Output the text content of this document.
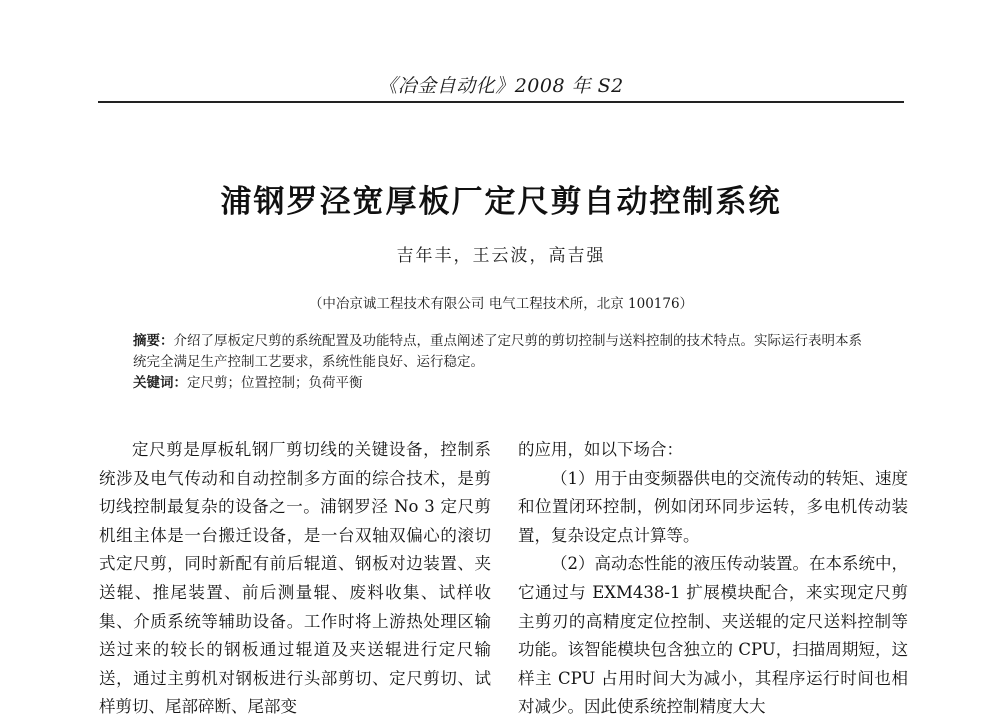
《冶金自动化》2008 年 S2
浦钢罗泾宽厚板厂定尺剪自动控制系统
吉年丰，王云波，高吉强
（中冶京诚工程技术有限公司 电气工程技术所，北京 100176）

摘要：介绍了厚板定尺剪的系统配置及功能特点，重点阐述了定尺剪的剪切控制与送料控制的技术特点。实际运行表明本系统完全满足生产控制工艺要求，系统性能良好、运行稳定。

关键词：定尺剪；位置控制；负荷平衡

定尺剪是厚板轧钢厂剪切线的关键设备，控制系统涉及电气传动和自动控制多方面的综合技术，是剪切线控制最复杂的设备之一。浦钢罗泾 No 3 定尺剪机组主体是一台搬迁设备，是一台双轴双偏心的滚切式定尺剪，同时新配有前后辊道、钢板对边装置、夹送辊、推尾装置、前后测量辊、废料收集、试样收集、介质系统等辅助设备。工作时将上游热处理区输送过来的较长的钢板通过辊道及夹送辊进行定尺输送，通过主剪机对钢板进行头部剪切、定尺剪切、试样剪切、尾部碎断、尾部变

的应用，如以下场合：

（1）用于由变频器供电的交流传动的转矩、速度和位置闭环控制，例如闭环同步运转，多电机传动装置，复杂设定点计算等。

（2）高动态性能的液压传动装置。在本系统中，它通过与 EXM438-1 扩展模块配合，来实现定尺剪主剪刃的高精度定位控制、夹送辊的定尺送料控制等功能。该智能模块包含独立的 CPU，扫描周期短，这样主 CPU 占用时间大为减小，其程序运行时间也相对减少。因此使系统控制精度大大
